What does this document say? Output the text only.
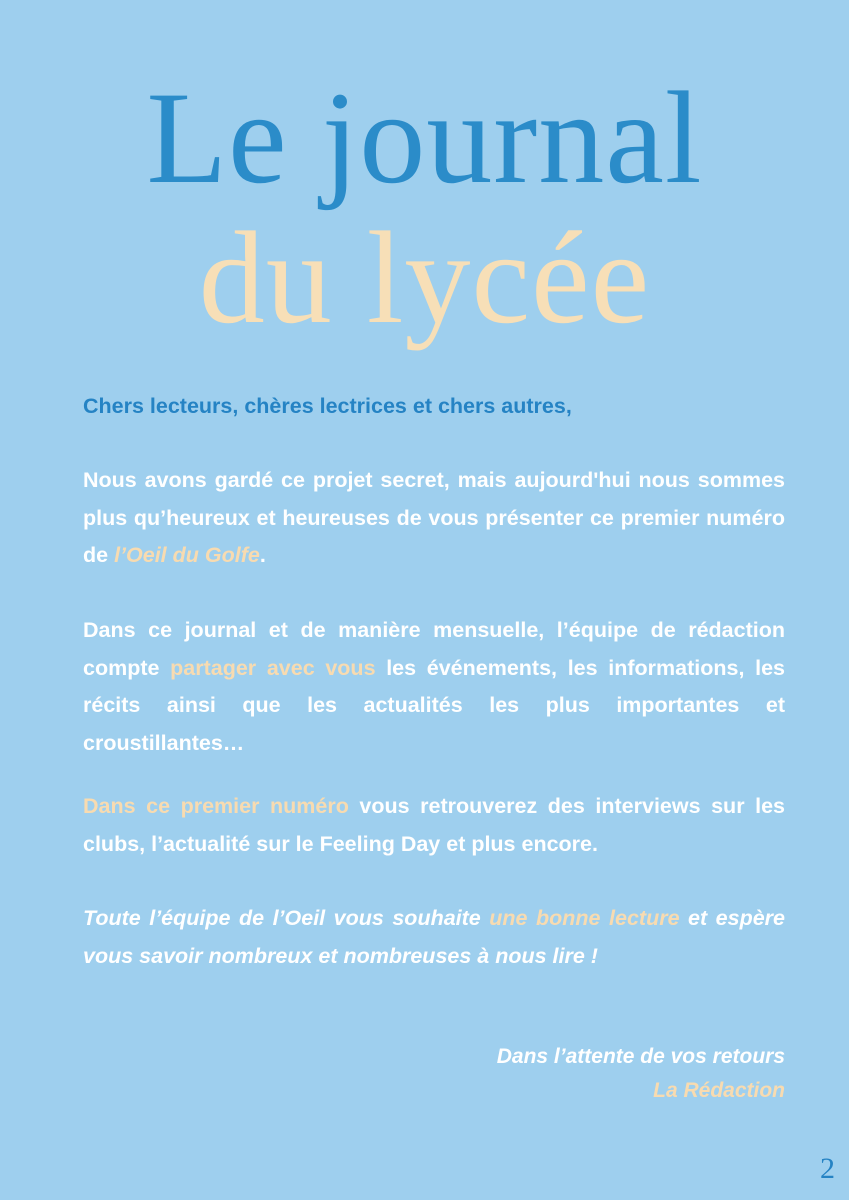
Le journal
du lycée

Chers lecteurs, chères lectrices et chers autres,

Nous avons gardé ce projet secret, mais aujourd'hui nous sommes plus qu’heureux et heureuses de vous présenter ce premier numéro de l’Oeil du Golfe.

Dans ce journal et de manière mensuelle, l’équipe de rédaction compte partager avec vous les événements, les informations, les récits ainsi que les actualités les plus importantes et croustillantes…

Dans ce premier numéro vous retrouverez des interviews sur les clubs, l’actualité sur le Feeling Day et plus encore.

Toute l’équipe de l’Oeil vous souhaite une bonne lecture et espère vous savoir nombreux et nombreuses à nous lire !

Dans l’attente de vos retours
La Rédaction
2
